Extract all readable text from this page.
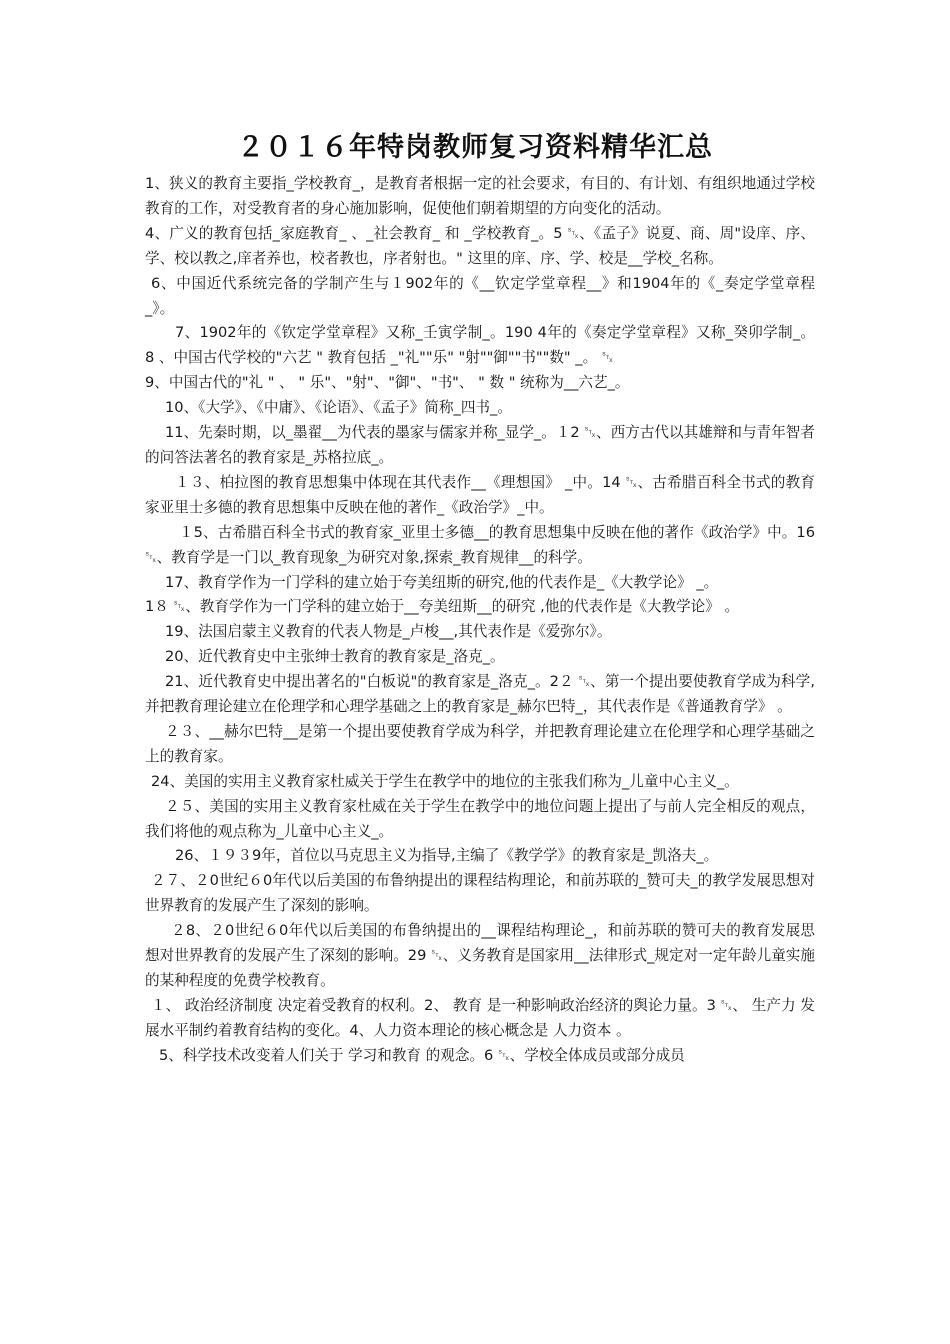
２０１６年特岗教师复习资料精华汇总

1、狭义的教育主要指_学校教育_，是教育者根据一定的社会要求，有目的、有计划、有组织地通过学校教育的工作，对受教育者的身心施加影响，促使他们朝着期望的方向变化的活动。

4、广义的教育包括_家庭教育_ 、_社会教育_ 和 _学校教育_。5 ␂、《孟子》说夏、商、周"设庠、序、学、校以教之,庠者养也，校者教也，序者射也。" 这里的庠、序、学、校是__学校_名称。

6、中国近代系统完备的学制产生与１902年的《__钦定学堂章程__》和1904年的《_奏定学堂章程_》。

7、1902年的《钦定学堂章程》又称_壬寅学制_。190 4年的《奏定学堂章程》又称_癸卯学制_。 8 、中国古代学校的"六艺 " 教育包括 _"礼""乐" "射""御""书""数" _。 ␂

9、中国古代的"礼 " 、 " 乐"、"射"、"御"、"书"、 " 数 " 统称为__六艺_。

10、《大学》、《中庸》、《论语》、《孟子》简称_四书_。

11、先秦时期，以_墨翟__为代表的墨家与儒家并称_显学_。１2 ␂、西方古代以其雄辩和与青年智者的问答法著名的教育家是_苏格拉底_。

１３、柏拉图的教育思想集中体现在其代表作__《理想国》 _中。14 ␂、古希腊百科全书式的教育家亚里士多德的教育思想集中反映在他的著作_《政治学》_中。

１5、古希腊百科全书式的教育家_亚里士多德__的教育思想集中反映在他的著作《政治学》中。16 ␂、教育学是一门以_教育现象_为研究对象,探索_教育规律__的科学。

17、教育学作为一门学科的建立始于夸美纽斯的研究,他的代表作是_《大教学论》 _。

1８ ␂、教育学作为一门学科的建立始于__夸美纽斯__的研究 ,他的代表作是《大教学论》 。

19、法国启蒙主义教育的代表人物是_卢梭__,其代表作是《爱弥尔》。

20、近代教育史中主张绅士教育的教育家是_洛克_。

21、近代教育史中提出著名的"白板说"的教育家是_洛克_。2２ ␂、第一个提出要使教育学成为科学,并把教育理论建立在伦理学和心理学基础之上的教育家是_赫尔巴特_，其代表作是《普通教育学》 。

２３、__赫尔巴特__是第一个提出要使教育学成为科学，并把教育理论建立在伦理学和心理学基础之上的教育家。

24、美国的实用主义教育家杜威关于学生在教学中的地位的主张我们称为_儿童中心主义_。

２５、美国的实用主义教育家杜威在关于学生在教学中的地位问题上提出了与前人完全相反的观点，我们将他的观点称为_儿童中心主义_。

26、１９３9年，首位以马克思主义为指导,主编了《教学学》的教育家是_凯洛夫_。

２７、２0世纪６0年代以后美国的布鲁纳提出的课程结构理论，和前苏联的_赞可夫_的教学发展思想对世界教育的发展产生了深刻的影响。

２8、２0世纪６0年代以后美国的布鲁纳提出的__课程结构理论_，和前苏联的赞可夫的教育发展思想对世界教育的发展产生了深刻的影响。29 ␂、义务教育是国家用__法律形式_规定对一定年龄儿童实施的某种程度的免费学校教育。

１、 政治经济制度 决定着受教育的权利。2、 教育 是一种影响政治经济的舆论力量。3 ␂、 生产力 发展水平制约着教育结构的变化。4、人力资本理论的核心概念是 人力资本 。

5、科学技术改变着人们关于 学习和教育 的观念。6 ␂、学校全体成员或部分成员
